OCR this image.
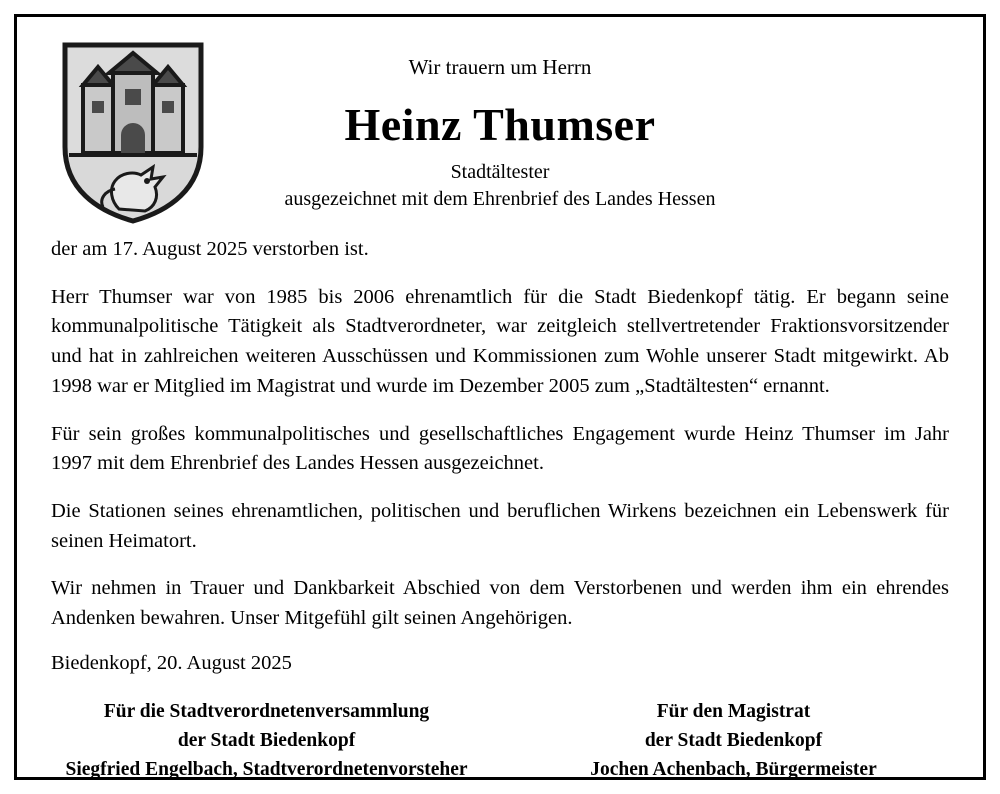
Wir trauern um Herrn
Heinz Thumser
Stadtältester
ausgezeichnet mit dem Ehrenbrief des Landes Hessen

der am 17. August 2025 verstorben ist.

Herr Thumser war von 1985 bis 2006 ehrenamtlich für die Stadt Biedenkopf tätig. Er begann seine kommunalpolitische Tätigkeit als Stadtverordneter, war zeitgleich stellvertretender Fraktionsvorsitzender und hat in zahlreichen weiteren Ausschüssen und Kommissionen zum Wohle unserer Stadt mitgewirkt. Ab 1998 war er Mitglied im Magistrat und wurde im Dezember 2005 zum „Stadtältesten“ ernannt.

Für sein großes kommunalpolitisches und gesellschaftliches Engagement wurde Heinz Thumser im Jahr 1997 mit dem Ehrenbrief des Landes Hessen ausgezeichnet.

Die Stationen seines ehrenamtlichen, politischen und beruflichen Wirkens bezeichnen ein Lebenswerk für seinen Heimatort.

Wir nehmen in Trauer und Dankbarkeit Abschied von dem Verstorbenen und werden ihm ein ehrendes Andenken bewahren. Unser Mitgefühl gilt seinen Angehörigen.

Biedenkopf, 20. August 2025

Für die Stadtverordnetenversammlung
der Stadt Biedenkopf
Siegfried Engelbach, Stadtverordnetenvorsteher
Für den Magistrat
der Stadt Biedenkopf
Jochen Achenbach, Bürgermeister
